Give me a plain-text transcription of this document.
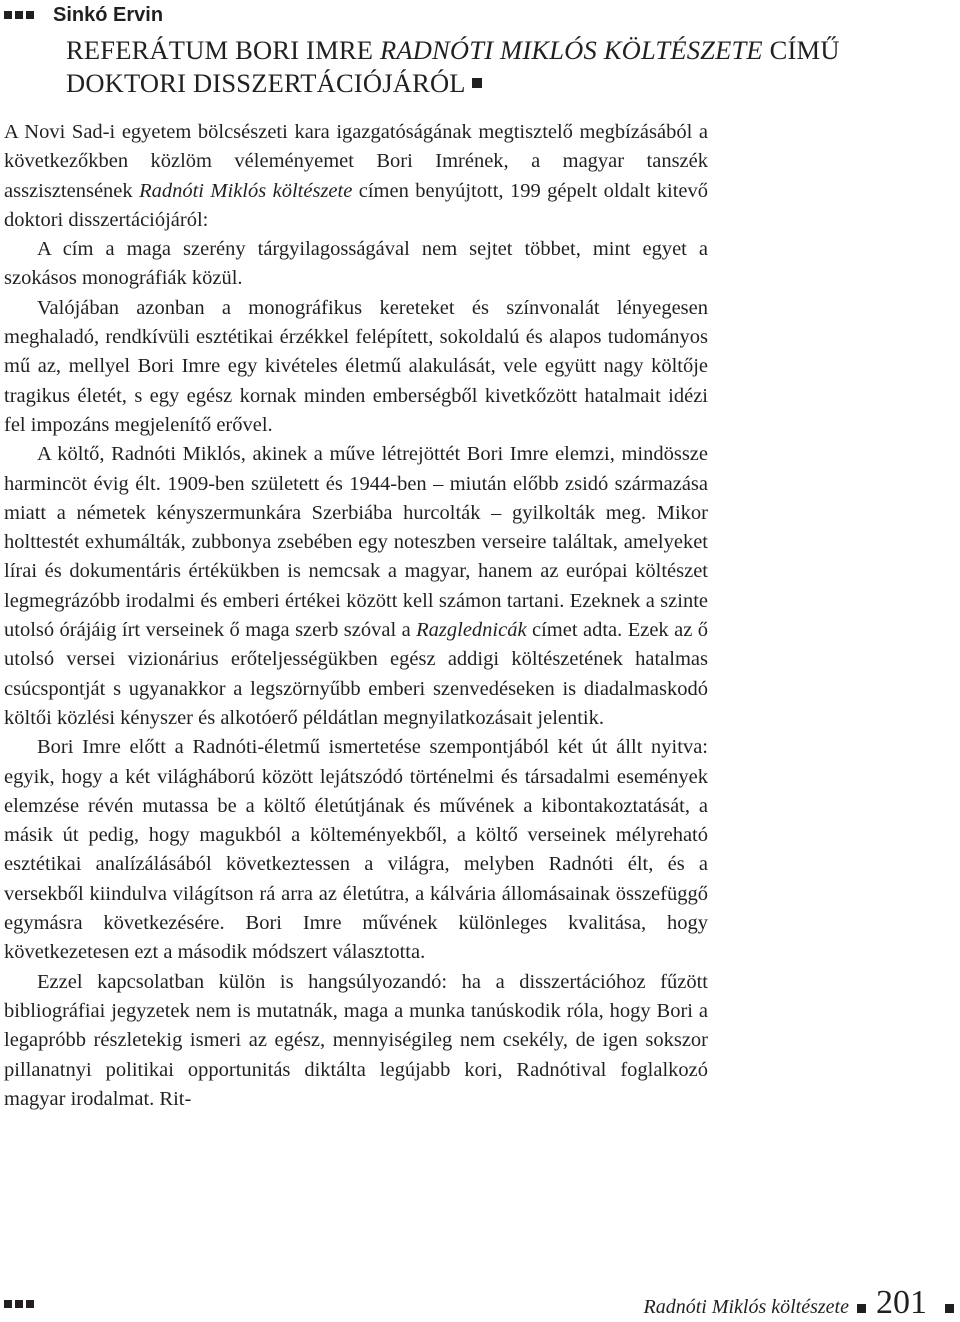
Sinkó Ervin
REFERÁTUM BORI IMRE RADNÓTI MIKLÓS KÖLTÉSZETE CÍMŰ DOKTORI DISSZERTÁCIÓJÁRÓL

A Novi Sad-i egyetem bölcsészeti kara igazgatóságának megtisztelő megbízásából a következőkben közlöm véleményemet Bori Imrének, a magyar tanszék asszisztensének Radnóti Miklós költészete címen benyújtott, 199 gépelt oldalt kitevő doktori disszertációjáról:

A cím a maga szerény tárgyilagosságával nem sejtet többet, mint egyet a szokásos monográfiák közül.

Valójában azonban a monográfikus kereteket és színvonalát lényegesen meghaladó, rendkívüli esztétikai érzékkel felépített, sokoldalú és alapos tudományos mű az, mellyel Bori Imre egy kivételes életmű alakulását, vele együtt nagy költője tragikus életét, s egy egész kornak minden emberségből kivetkőzött hatalmait idézi fel impozáns megjelenítő erővel.

A költő, Radnóti Miklós, akinek a műve létrejöttét Bori Imre elemzi, mindössze harmincöt évig élt. 1909-ben született és 1944-ben – miután előbb zsidó származása miatt a németek kényszermunkára Szerbiába hurcolták – gyilkolták meg. Mikor holttestét exhumálták, zubbonya zsebében egy noteszben verseire találtak, amelyeket lírai és dokumentáris értékükben is nemcsak a magyar, hanem az európai költészet legmegrázóbb irodalmi és emberi értékei között kell számon tartani. Ezeknek a szinte utolsó órájáig írt verseinek ő maga szerb szóval a Razglednicák címet adta. Ezek az ő utolsó versei vizionárius erőteljességükben egész addigi költészetének hatalmas csúcspontját s ugyanakkor a legszörnyűbb emberi szenvedéseken is diadalmaskodó költői közlési kényszer és alkotóerő példátlan megnyilatkozásait jelentik.

Bori Imre előtt a Radnóti-életmű ismertetése szempontjából két út állt nyitva: egyik, hogy a két világháború között lejátszódó történelmi és társadalmi események elemzése révén mutassa be a költő életútjának és művének a kibontakoztatását, a másik út pedig, hogy magukból a költeményekből, a költő verseinek mélyreható esztétikai analízálásából következtessen a világra, melyben Radnóti élt, és a versekből kiindulva világítson rá arra az életútra, a kálvária állomásainak összefüggő egymásra következésére. Bori Imre művének különleges kvalitása, hogy következetesen ezt a második módszert választotta.

Ezzel kapcsolatban külön is hangsúlyozandó: ha a disszertációhoz fűzött bibliográfiai jegyzetek nem is mutatnák, maga a munka tanúskodik róla, hogy Bori a legapróbb részletekig ismeri az egész, mennyiségileg nem csekély, de igen sokszor pillanatnyi politikai opportunitás diktálta legújabb kori, Radnótival foglalkozó magyar irodalmat. Rit-

Radnóti Miklós költészete 201
